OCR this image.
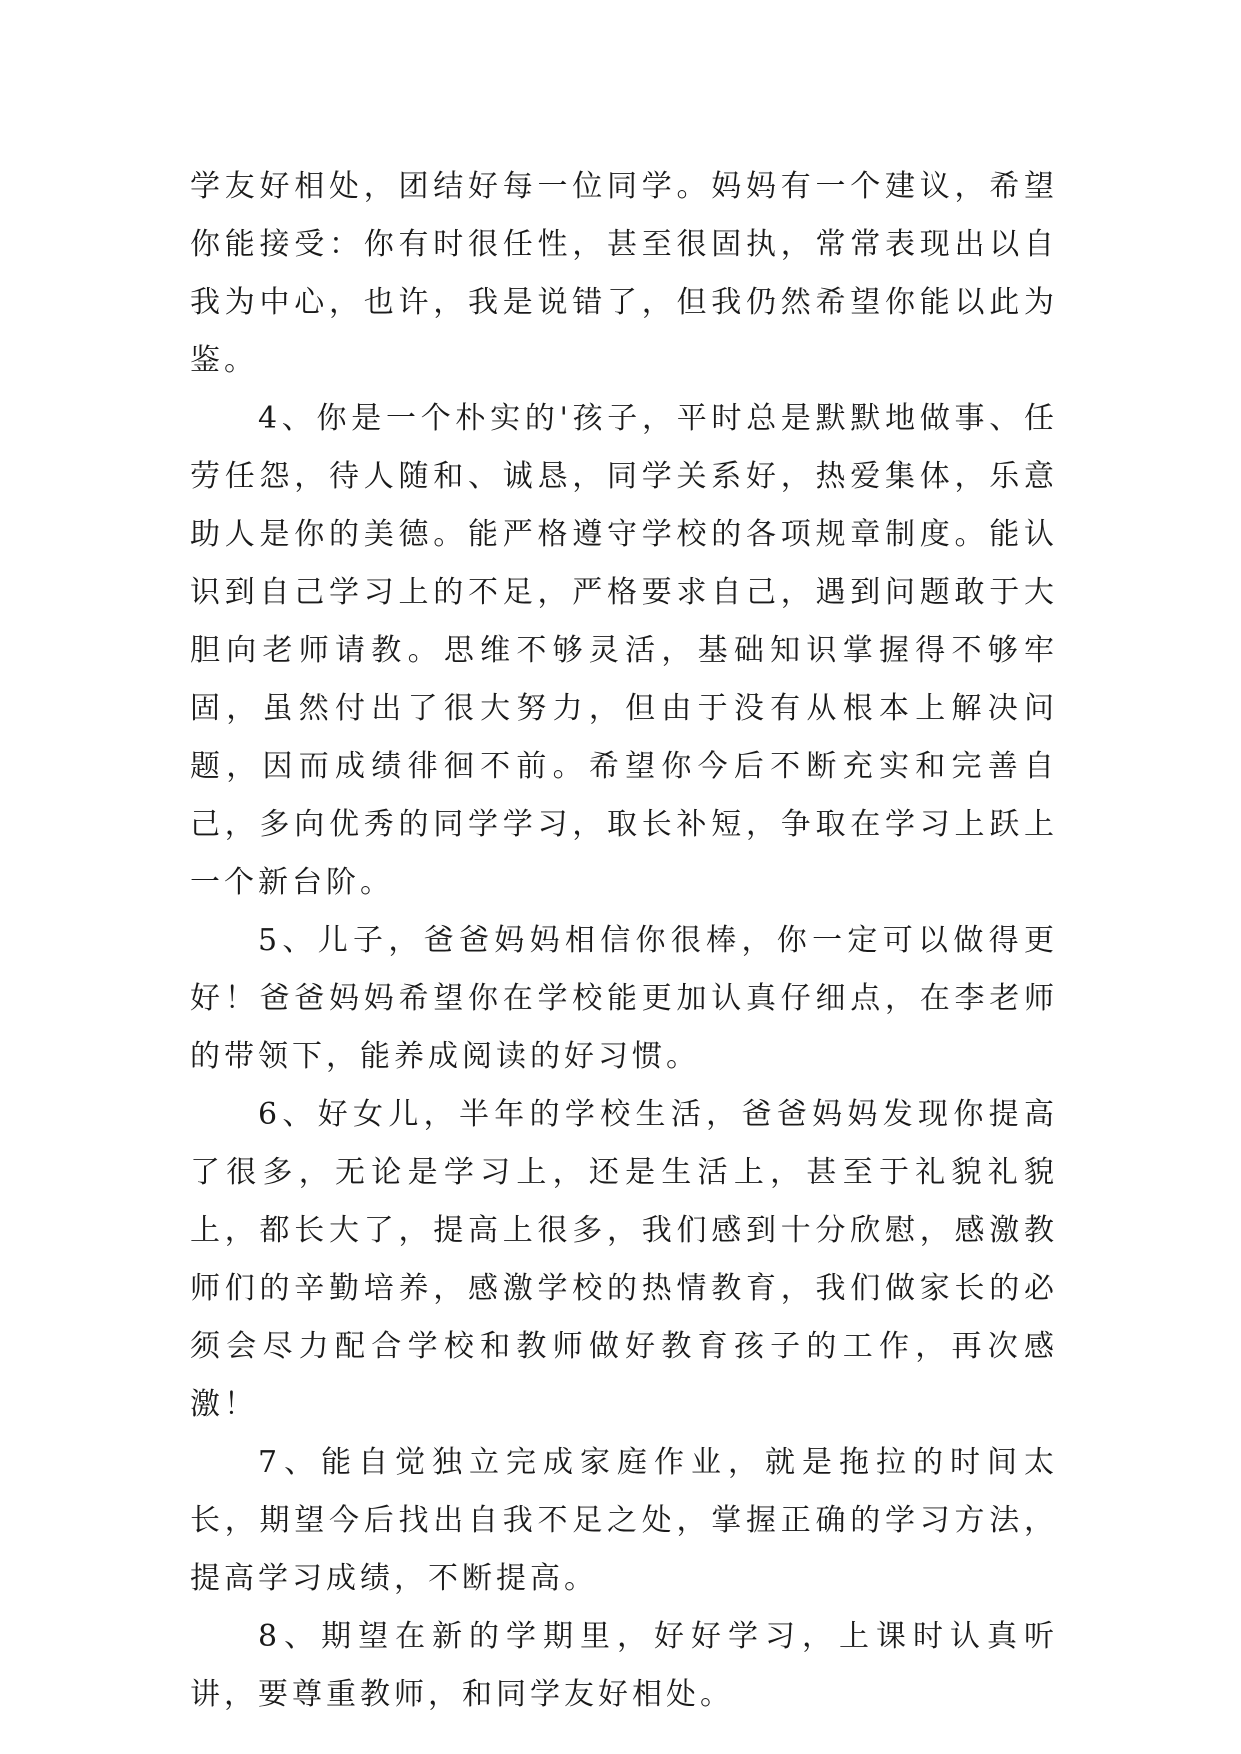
学友好相处，团结好每一位同学。妈妈有一个建议，希望你能接受：你有时很任性，甚至很固执，常常表现出以自我为中心，也许，我是说错了，但我仍然希望你能以此为鉴。

4、你是一个朴实的'孩子，平时总是默默地做事、任劳任怨，待人随和、诚恳，同学关系好，热爱集体，乐意助人是你的美德。能严格遵守学校的各项规章制度。能认识到自己学习上的不足，严格要求自己，遇到问题敢于大胆向老师请教。思维不够灵活，基础知识掌握得不够牢固，虽然付出了很大努力，但由于没有从根本上解决问题，因而成绩徘徊不前。希望你今后不断充实和完善自己，多向优秀的同学学习，取长补短，争取在学习上跃上一个新台阶。

5、儿子，爸爸妈妈相信你很棒，你一定可以做得更好！爸爸妈妈希望你在学校能更加认真仔细点，在李老师的带领下，能养成阅读的好习惯。

6、好女儿，半年的学校生活，爸爸妈妈发现你提高了很多，无论是学习上，还是生活上，甚至于礼貌礼貌上，都长大了，提高上很多，我们感到十分欣慰，感激教师们的辛勤培养，感激学校的热情教育，我们做家长的必须会尽力配合学校和教师做好教育孩子的工作，再次感激！

7、能自觉独立完成家庭作业，就是拖拉的时间太长，期望今后找出自我不足之处，掌握正确的学习方法，提高学习成绩，不断提高。

8、期望在新的学期里，好好学习，上课时认真听讲，要尊重教师，和同学友好相处。
